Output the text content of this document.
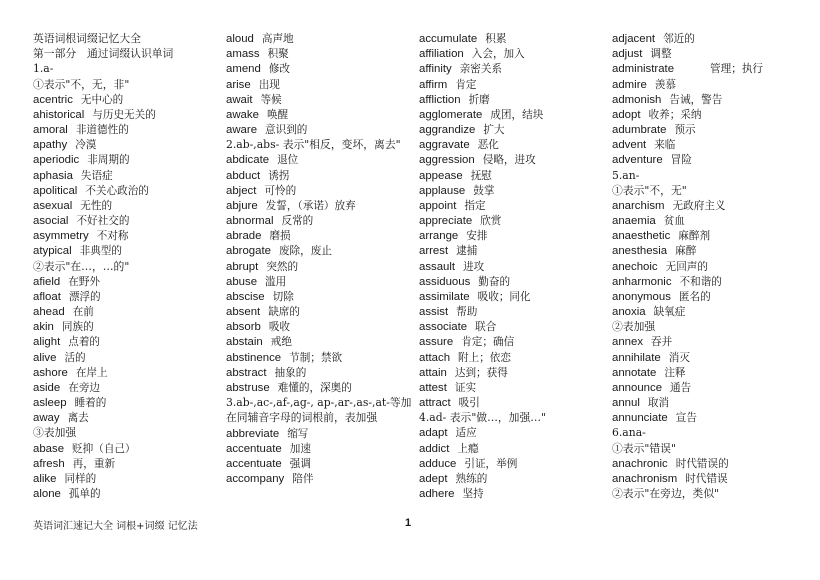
英语词根词缀记忆大全
第一部分　通过词缀认识单词
1.a-
①表示"不，无，非"
acentric 无中心的
ahistorical 与历史无关的
amoral 非道德性的
apathy 冷漠
aperiodic 非周期的
aphasia 失语症
apolitical 不关心政治的
asexual 无性的
asocial 不好社交的
asymmetry 不对称
atypical 非典型的
②表示"在…，…的"
afield 在野外
afloat 漂浮的
ahead 在前
akin 同族的
alight 点着的
alive 活的
ashore 在岸上
aside 在旁边
asleep 睡着的
away 离去
③表加强
abase 贬抑（自己）
afresh 再，重新
alike 同样的
alone 孤单的
aloud 高声地
amass 积聚
amend 修改
arise 出现
await 等候
awake 唤醒
aware 意识到的
2.ab-,abs- 表示"相反，变坏，离去"
abdicate 退位
abduct 诱拐
abject 可怜的
abjure 发誓，（承诺）放弃
abnormal 反常的
abrade 磨损
abrogate 废除，废止
abrupt 突然的
abuse 滥用
abscise 切除
absent 缺席的
absorb 吸收
abstain 戒绝
abstinence 节制；禁欲
abstract 抽象的
abstruse 难懂的，深奥的
3.ab-,ac-,af-,ag-, ap-,ar-,as-,at-等加在同辅音字母的词根前，表加强
abbreviate 缩写
accentuate 加速
accentuate 强调
accompany 陪伴
accumulate 积累
affiliation 入会，加入
affinity 亲密关系
affirm 肯定
affliction 折磨
agglomerate 成团，结块
aggrandize 扩大
aggravate 恶化
aggression 侵略，进攻
appease 抚慰
applause 鼓掌
appoint 指定
appreciate 欣赏
arrange 安排
arrest 逮捕
assault 进攻
assiduous 勤奋的
assimilate 吸收；同化
assist 帮助
associate 联合
assure 肯定；确信
attach 附上；依恋
attain 达到；获得
attest 证实
attract 吸引
4.ad- 表示"做…，加强…"
adapt 适应
addict 上瘾
adduce 引证，举例
adept 熟练的
adhere 坚持
adjacent 邻近的
adjust 调整
administrate	管理；执行
admire 羡慕
admonish 告诫，警告
adopt 收养；采纳
adumbrate 预示
advent 来临
adventure 冒险
5.an-
①表示"不，无"
anarchism 无政府主义
anaemia 贫血
anaesthetic 麻醉剂
anesthesia 麻醉
anechoic 无回声的
anharmonic 不和谐的
anonymous 匿名的
anoxia 缺氧症
②表加强
annex 吞并
annihilate 消灭
annotate 注释
announce 通告
annul 取消
annunciate 宣告
6.ana-
①表示"错误"
anachronic 时代错误的
anachronism 时代错误
②表示"在旁边，类似"
英语词汇速记大全 词根+词缀 记忆法	1
